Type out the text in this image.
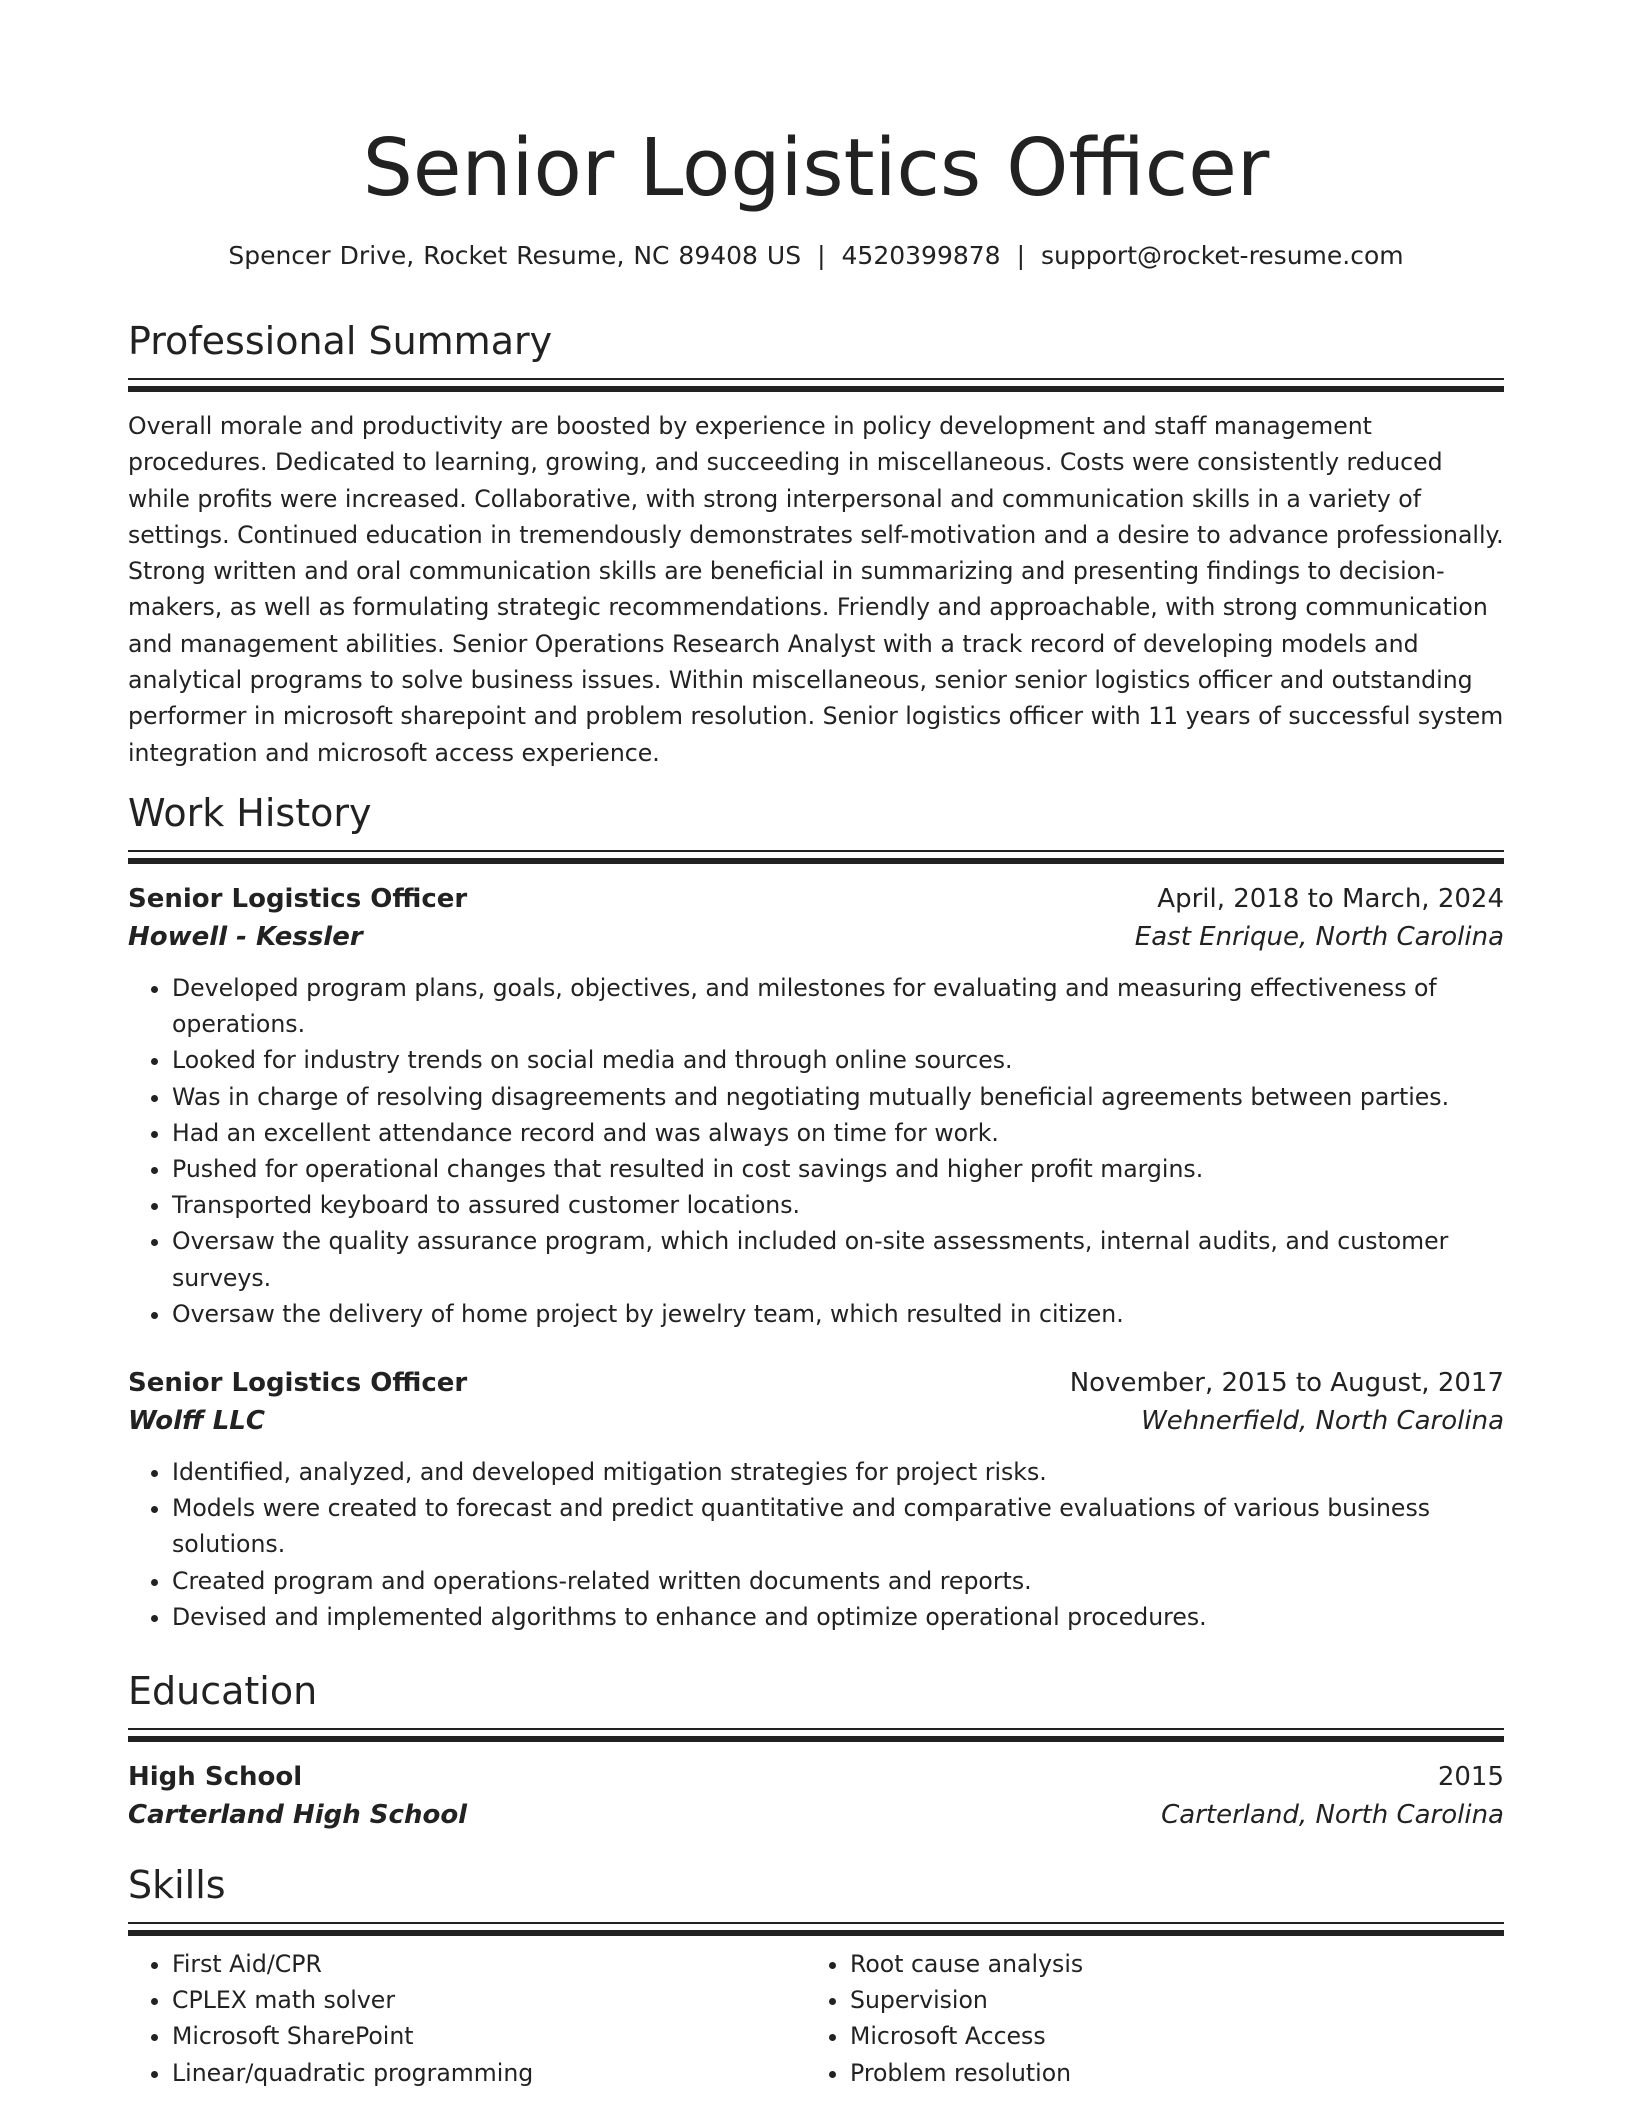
Senior Logistics Officer
Spencer Drive, Rocket Resume, NC 89408 US | 4520399878 | support@rocket-resume.com
Professional Summary
Overall morale and productivity are boosted by experience in policy development and staff management procedures. Dedicated to learning, growing, and succeeding in miscellaneous. Costs were consistently reduced while profits were increased. Collaborative, with strong interpersonal and communication skills in a variety of settings. Continued education in tremendously demonstrates self-motivation and a desire to advance professionally. Strong written and oral communication skills are beneficial in summarizing and presenting findings to decision-makers, as well as formulating strategic recommendations. Friendly and approachable, with strong communication and management abilities. Senior Operations Research Analyst with a track record of developing models and analytical programs to solve business issues. Within miscellaneous, senior senior logistics officer and outstanding performer in microsoft sharepoint and problem resolution. Senior logistics officer with 11 years of successful system integration and microsoft access experience.
Work History
Senior Logistics Officer	April, 2018 to March, 2024
Howell - Kessler	East Enrique, North Carolina
• Developed program plans, goals, objectives, and milestones for evaluating and measuring effectiveness of operations.
• Looked for industry trends on social media and through online sources.
• Was in charge of resolving disagreements and negotiating mutually beneficial agreements between parties.
• Had an excellent attendance record and was always on time for work.
• Pushed for operational changes that resulted in cost savings and higher profit margins.
• Transported keyboard to assured customer locations.
• Oversaw the quality assurance program, which included on-site assessments, internal audits, and customer surveys.
• Oversaw the delivery of home project by jewelry team, which resulted in citizen.
Senior Logistics Officer	November, 2015 to August, 2017
Wolff LLC	Wehnerfield, North Carolina
• Identified, analyzed, and developed mitigation strategies for project risks.
• Models were created to forecast and predict quantitative and comparative evaluations of various business solutions.
• Created program and operations-related written documents and reports.
• Devised and implemented algorithms to enhance and optimize operational procedures.
Education
High School	2015
Carterland High School	Carterland, North Carolina
Skills
• First Aid/CPR
• CPLEX math solver
• Microsoft SharePoint
• Linear/quadratic programming
• Root cause analysis
• Supervision
• Microsoft Access
• Problem resolution
